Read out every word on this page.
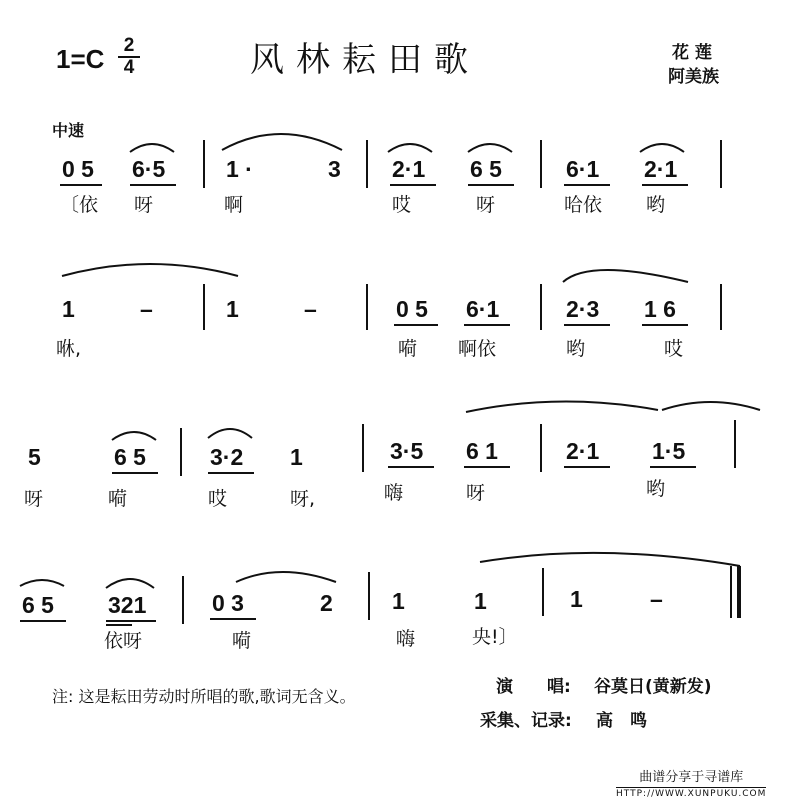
$1=C \frac{2}{4}$	风林耘田歌	花 莲
阿美族
中速
0 5 6·5	1 ·	3 2·1 6 5	6·1 2·1
〔依 呀	啊	哎	呀	哈依 哟
1	–	1	–	0 5 6·1	2·3 1 6
咻,	嗬 啊依	哟	哎
5	6 5	3·2 1	3·5 6 1	2·1 1·5
呀	嗬	哎	呀,	嗨	呀	哟
6 5 321	0 3	2	1	1	1	–
依呀	嗬	嗨	央!〕
注: 这是耘田劳动时所唱的歌,歌词无含义。	演　　唱: 谷莫日(黄新发)
采集、记录: 高　鸣
曲谱分享于寻谱库
HTTP://WWW.XUNPUKU.COM
